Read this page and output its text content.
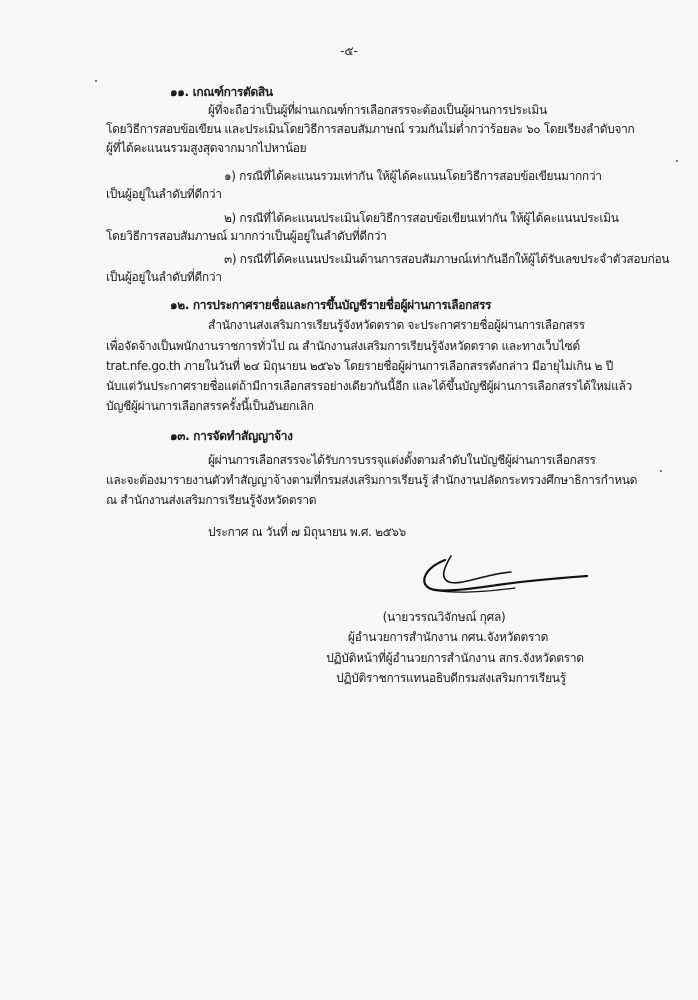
-๕-
๑๑. เกณฑ์การตัดสิน
ผู้ที่จะถือว่าเป็นผู้ที่ผ่านเกณฑ์การเลือกสรรจะต้องเป็นผู้ผ่านการประเมิน
โดยวิธีการสอบข้อเขียน และประเมินโดยวิธีการสอบสัมภาษณ์ รวมกันไม่ต่ำกว่าร้อยละ ๖๐ โดยเรียงลำดับจาก
ผู้ที่ได้คะแนนรวมสูงสุดจากมากไปหาน้อย
๑) กรณีที่ได้คะแนนรวมเท่ากัน ให้ผู้ได้คะแนนโดยวิธีการสอบข้อเขียนมากกว่า
เป็นผู้อยู่ในลำดับที่ดีกว่า
๒) กรณีที่ได้คะแนนประเมินโดยวิธีการสอบข้อเขียนเท่ากัน ให้ผู้ได้คะแนนประเมิน
โดยวิธีการสอบสัมภาษณ์ มากกว่าเป็นผู้อยู่ในลำดับที่ดีกว่า
๓) กรณีที่ได้คะแนนประเมินด้านการสอบสัมภาษณ์เท่ากันอีกให้ผู้ได้รับเลขประจำตัวสอบก่อน
เป็นผู้อยู่ในลำดับที่ดีกว่า
๑๒. การประกาศรายชื่อและการขึ้นบัญชีรายชื่อผู้ผ่านการเลือกสรร
สำนักงานส่งเสริมการเรียนรู้จังหวัดตราด จะประกาศรายชื่อผู้ผ่านการเลือกสรร
เพื่อจัดจ้างเป็นพนักงานราชการทั่วไป ณ สำนักงานส่งเสริมการเรียนรู้จังหวัดตราด และทางเว็บไซต์
trat.nfe.go.th ภายในวันที่ ๒๔ มิถุนายน ๒๕๖๖ โดยรายชื่อผู้ผ่านการเลือกสรรดังกล่าว มีอายุไม่เกิน ๒ ปี
นับแต่วันประกาศรายชื่อแต่ถ้ามีการเลือกสรรอย่างเดียวกันนี้อีก และได้ขึ้นบัญชีผู้ผ่านการเลือกสรรได้ใหม่แล้ว
บัญชีผู้ผ่านการเลือกสรรครั้งนี้เป็นอันยกเลิก
๑๓. การจัดทำสัญญาจ้าง
ผู้ผ่านการเลือกสรรจะได้รับการบรรจุแต่งตั้งตามลำดับในบัญชีผู้ผ่านการเลือกสรร
และจะต้องมารายงานตัวทำสัญญาจ้างตามที่กรมส่งเสริมการเรียนรู้ สำนักงานปลัดกระทรวงศึกษาธิการกำหนด
ณ สำนักงานส่งเสริมการเรียนรู้จังหวัดตราด
ประกาศ ณ วันที่ ๗ มิถุนายน พ.ศ. ๒๕๖๖
(นายวรรณวิจักษณ์ กุศล)
ผู้อำนวยการสำนักงาน กศน.จังหวัดตราด
ปฏิบัติหน้าที่ผู้อำนวยการสำนักงาน สกร.จังหวัดตราด
ปฏิบัติราชการแทนอธิบดีกรมส่งเสริมการเรียนรู้
